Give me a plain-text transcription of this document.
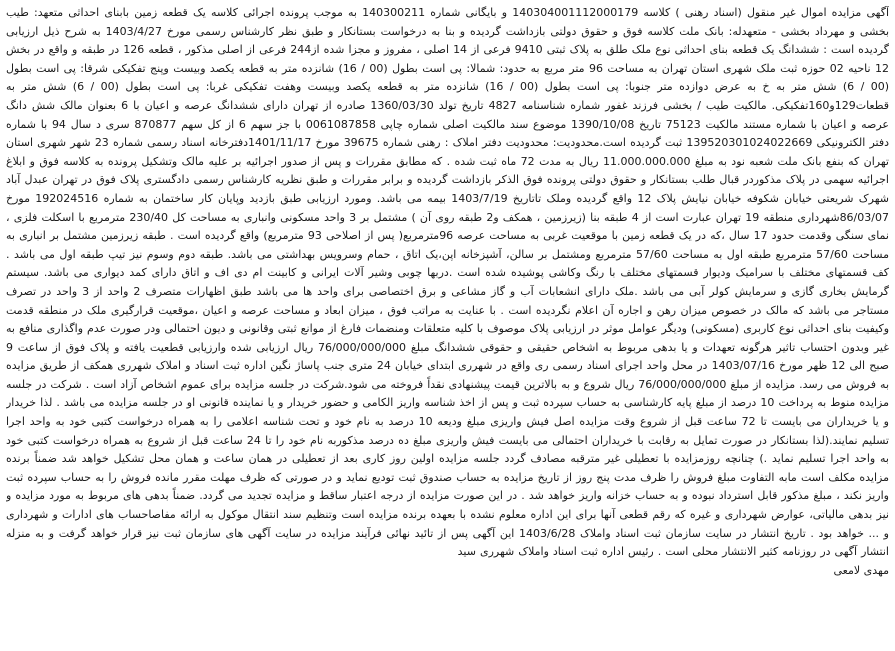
آگهی مزایده اموال غیر منقول (اسناد رهنی ) کلاسه 140304001112000179 و بایگانی شماره 140300211 به موجب پرونده اجرائی کلاسه یک قطعه زمین بابنای احداثی متعهد: طیب بخشی و مهرداد بخشی - متعهدله: بانک ملت کلاسه فوق و حقوق دولتی بازداشت گردیده و بنا به درخواست بستانکار و طبق نظر کارشناس رسمی مورخ 1403/4/27 به شرح ذیل ارزیابی گردیده است : ششدانگ یک قطعه بنای احداثی نوع ملک طلق به پلاک ثبتی 9410 فرعی از 14 اصلی ، مفروز و مجزا شده از244 فرعی از اصلی مذکور ، قطعه 126 در طبقه و واقع در بخش 12 ناحیه 02 حوزه ثبت ملک شهری استان تهران به مساحت 96 متر مربع به حدود: شمالا: پی است بطول (00 / 16) شانزده متر به قطعه یکصد وبیست وپنج تفکیکی شرقا: پی است بطول (00 / 6) شش متر به خ به عرض دوازده متر جنوبا: پی است بطول (00 / 16) شانزده متر به قطعه یکصد وبیست وهفت تفکیکی غربا: پی است بطول (00 / 6) شش متر به قطعات129و160تفکیکی. مالکیت طیب / بخشی فرزند غفور شماره شناسنامه 4827 تاریخ تولد 1360/03/30 صادره از تهران دارای ششدانگ عرصه و اعیان با 6 بعنوان مالک شش دانگ عرصه و اعیان با شماره مستند مالکیت 75123 تاریخ 1390/10/08 موضوع سند مالکیت اصلی شماره چاپی 0061087858 با جز سهم 6 از کل سهم 870877 سری د سال 94 با شماره دفتر الکترونیکی 139520301024022669 ثبت گردیده است.محدودیت: محدودیت دفتر املاک : رهنی شماره 39675 مورخ 1401/11/17دفترخانه اسناد رسمی شماره 23 شهر شهری استان تهران که بنفع بانک ملت شعبه نود به مبلغ 11.000.000.000 ریال به مدت 72 ماه ثبت شده . که مطابق مقررات و پس از صدور اجرائیه بر علیه مالک وتشکیل پرونده به کلاسه فوق و ابلاغ اجرائیه سهمی در پلاک مذکوردر قبال طلب بستانکار و حقوق دولتی پرونده فوق الذکر بازداشت گردیده و برابر مقررات و طبق نظریه کارشناس رسمی دادگستری پلاک فوق در تهران عبدل آباد شهرک شریعتی خیابان شکوفه خیابان نیایش پلاک 12 واقع گردیده وملک تاتاریخ 1403/7/19 بیمه می باشد. ومورد ارزیابی طبق بازدید وپایان کار ساختمان به شماره 192024516 مورخ 86/03/07شهرداری منطقه 19 تهران عبارت است از 4 طبقه بنا (زیرزمین ، همکف و2 طبقه روی آن ) مشتمل بر 3 واحد مسکونی وانباری به مساحت کل 230/40 مترمربع با اسکلت فلزی ، نمای سنگی وقدمت حدود 17 سال ،که در یک قطعه زمین با موقعیت غربی به مساحت عرصه 96مترمربع( پس از اصلاحی 93 مترمربع) واقع گردیده است . طبقه زیرزمین مشتمل بر انباری به مساحت 57/60 مترمربع طبقه اول به مساحت 57/60 مترمربع ومشتمل بر سالن، آشپزخانه اپن،یک اتاق ، حمام وسرویس بهداشتی می باشد. طبقه دوم وسوم نیز تیپ طبقه اول می باشد . کف قسمتهای مختلف با سرامیک ودیوار قسمتهای مختلف با رنگ وکاشی پوشیده شده است .دربها چوبی وشیر آلات ایرانی و کابینت ام دی اف و اتاق دارای کمد دیواری می باشد. سیستم گرمایش بخاری گازی و سرمایش کولر آبی می باشد .ملک دارای انشعابات آب و گاز مشاعی و برق اختصاصی برای واحد ها می باشد طبق اظهارات متصرف 2 واحد از 3 واحد در تصرف مستاجر می باشد که مالک در خصوص میزان رهن و اجاره آن اعلام نگردیده است . با عنایت به مراتب فوق ، میزان ابعاد و مساحت عرصه و اعیان ،موقعیت قرارگیری ملک در منطقه قدمت وکیفیت بنای احداثی نوع کاربری (مسکونی) ودیگر عوامل موثر در ارزیابی پلاک موصوف با کلیه متعلقات ومنضمات فارغ از موانع ثبتی وقانونی و دیون احتمالی ودر صورت عدم واگذاری منافع به غیر وبدون احتساب تاثیر هرگونه تعهدات و یا بدهی مربوط به اشخاص حقیقی و حقوقی ششدانگ مبلغ 76/000/000/000 ریال ارزیابی شده وارزیابی قطعیت یافته و پلاک فوق از ساعت 9 صبح الی 12 ظهر مورخ 1403/07/16 در محل واحد اجرای اسناد رسمی ری واقع در شهرری ابتدای خیابان 24 متری جنب پاساژ نگین اداره ثبت اسناد و املاک شهرری همکف از طریق مزایده به فروش می رسد. مزایده از مبلغ 76/000/000/000 ریال شروع و به بالاترین قیمت پیشنهادی نقداً فروخته می شود.شرکت در جلسه مزایده برای عموم اشخاص آزاد است . شرکت در جلسه مزایده منوط به پرداخت 10 درصد از مبلغ پایه کارشناسی به حساب سپرده ثبت و پس از اخذ شناسه واریز الکامی و حضور خریدار و یا نماینده قانونی او در جلسه مزایده می باشد . لذا خریدار و یا خریداران می بایست تا 72 ساعت قبل از شروع وقت مزایده اصل فیش واریزی مبلغ ودیعه 10 درصد به نام خود و تحت شناسه اعلامی را به همراه درخواست کتبی خود به واحد اجرا تسلیم نمایند.(لذا بستانکار در صورت تمایل به رقابت با خریداران احتمالی می بایست فیش واریزی مبلغ ده درصد مذکوربه نام خود را تا 24 ساعت قبل از شروع به همراه درخواست کتبی خود به واحد اجرا تسلیم نماید .) چنانچه روزمزایده با تعطیلی غیر مترقبه مصادف گردد جلسه مزایده اولین روز کاری بعد از تعطیلی در همان ساعت و همان محل تشکیل خواهد شد ضمناً برنده مزایده مکلف است مابه التفاوت مبلغ فروش را ظرف مدت پنج روز از تاریخ مزایده به حساب صندوق ثبت تودیع نماید و در صورتی که ظرف مهلت مقرر مانده فروش را به حساب سپرده ثبت واریز نکند ، مبلغ مذکور قابل استرداد نبوده و به حساب خزانه واریز خواهد شد . در این صورت مزایده از درجه اعتبار ساقط و مزایده تجدید می گردد. ضمناً بدهی های مربوط به مورد مزایده و نیز بدهی مالیاتی، عوارض شهرداری و غیره که رقم قطعی آنها برای این اداره معلوم نشده با بعهده برنده مزایده است وتنظیم سند انتقال موکول به ارائه مفاصاحساب های ادارات و شهرداری و ... خواهد بود . تاریخ انتشار در سایت سازمان ثبت اسناد واملاک 1403/6/28 این آگهی پس از تائید نهائی فرآیند مزایده در سایت آگهی های سازمان ثبت نیز قرار خواهد گرفت و به منزله انتشار آگهی در روزنامه کثیر الانتشار محلی است . رئیس اداره ثبت اسناد واملاک شهرری سید

مهدی لامعی
